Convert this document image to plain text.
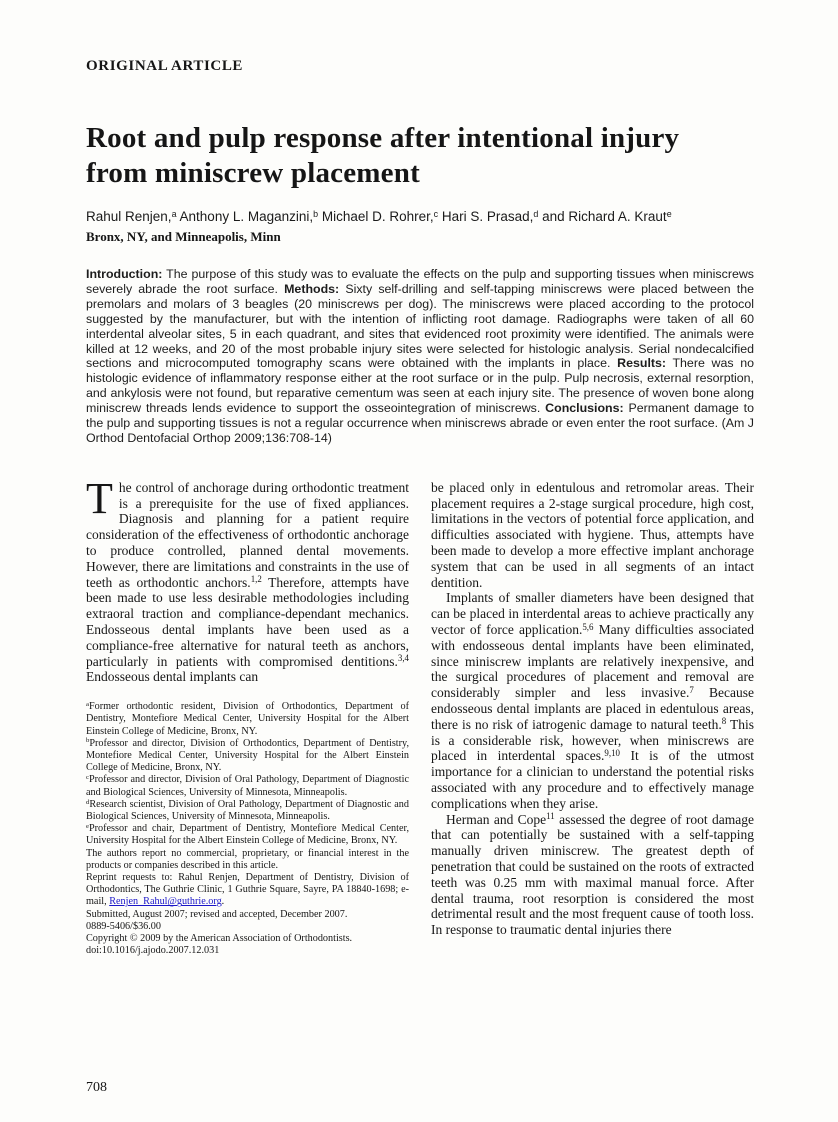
ORIGINAL ARTICLE
Root and pulp response after intentional injury
from miniscrew placement
Rahul Renjen,$^a$ Anthony L. Maganzini,$^b$ Michael D. Rohrer,$^c$ Hari S. Prasad,$^d$ and Richard A. Kraut$^e$
Bronx, NY, and Minneapolis, Minn

Introduction: The purpose of this study was to evaluate the effects on the pulp and supporting tissues when miniscrews severely abrade the root surface. Methods: Sixty self-drilling and self-tapping miniscrews were placed between the premolars and molars of 3 beagles (20 miniscrews per dog). The miniscrews were placed according to the protocol suggested by the manufacturer, but with the intention of inflicting root damage. Radiographs were taken of all 60 interdental alveolar sites, 5 in each quadrant, and sites that evidenced root proximity were identified. The animals were killed at 12 weeks, and 20 of the most probable injury sites were selected for histologic analysis. Serial nondecalcified sections and microcomputed tomography scans were obtained with the implants in place. Results: There was no histologic evidence of inflammatory response either at the root surface or in the pulp. Pulp necrosis, external resorption, and ankylosis were not found, but reparative cementum was seen at each injury site. The presence of woven bone along miniscrew threads lends evidence to support the osseointegration of miniscrews. Conclusions: Permanent damage to the pulp and supporting tissues is not a regular occurrence when miniscrews abrade or even enter the root surface. (Am J Orthod Dentofacial Orthop 2009;136:708-14)

The control of anchorage during orthodontic treatment is a prerequisite for the use of fixed appliances. Diagnosis and planning for a patient require consideration of the effectiveness of orthodontic anchorage to produce controlled, planned dental movements. However, there are limitations and constraints in the use of teeth as orthodontic anchors.$^{1,2}$ Therefore, attempts have been made to use less desirable methodologies including extraoral traction and compliance-dependant mechanics. Endosseous dental implants have been used as a compliance-free alternative for natural teeth as anchors, particularly in patients with compromised dentitions.$^{3,4}$ Endosseous dental implants can

$^a$Former orthodontic resident, Division of Orthodontics, Department of Dentistry, Montefiore Medical Center, University Hospital for the Albert Einstein College of Medicine, Bronx, NY.

$^b$Professor and director, Division of Orthodontics, Department of Dentistry, Montefiore Medical Center, University Hospital for the Albert Einstein College of Medicine, Bronx, NY.

$^c$Professor and director, Division of Oral Pathology, Department of Diagnostic and Biological Sciences, University of Minnesota, Minneapolis.

$^d$Research scientist, Division of Oral Pathology, Department of Diagnostic and Biological Sciences, University of Minnesota, Minneapolis.

$^e$Professor and chair, Department of Dentistry, Montefiore Medical Center, University Hospital for the Albert Einstein College of Medicine, Bronx, NY.

The authors report no commercial, proprietary, or financial interest in the products or companies described in this article.

Reprint requests to: Rahul Renjen, Department of Dentistry, Division of Orthodontics, The Guthrie Clinic, 1 Guthrie Square, Sayre, PA 18840-1698; e-mail, Renjen_Rahul@guthrie.org.

Submitted, August 2007; revised and accepted, December 2007.

0889-5406/$36.00

Copyright © 2009 by the American Association of Orthodontists.

doi:10.1016/j.ajodo.2007.12.031

be placed only in edentulous and retromolar areas. Their placement requires a 2-stage surgical procedure, high cost, limitations in the vectors of potential force application, and difficulties associated with hygiene. Thus, attempts have been made to develop a more effective implant anchorage system that can be used in all segments of an intact dentition.

Implants of smaller diameters have been designed that can be placed in interdental areas to achieve practically any vector of force application.$^{5,6}$ Many difficulties associated with endosseous dental implants have been eliminated, since miniscrew implants are relatively inexpensive, and the surgical procedures of placement and removal are considerably simpler and less invasive.$^7$ Because endosseous dental implants are placed in edentulous areas, there is no risk of iatrogenic damage to natural teeth.$^8$ This is a considerable risk, however, when miniscrews are placed in interdental spaces.$^{9,10}$ It is of the utmost importance for a clinician to understand the potential risks associated with any procedure and to effectively manage complications when they arise.

Herman and Cope$^{11}$ assessed the degree of root damage that can potentially be sustained with a self-tapping manually driven miniscrew. The greatest depth of penetration that could be sustained on the roots of extracted teeth was 0.25 mm with maximal manual force. After dental trauma, root resorption is considered the most detrimental result and the most frequent cause of tooth loss. In response to traumatic dental injuries there

708
